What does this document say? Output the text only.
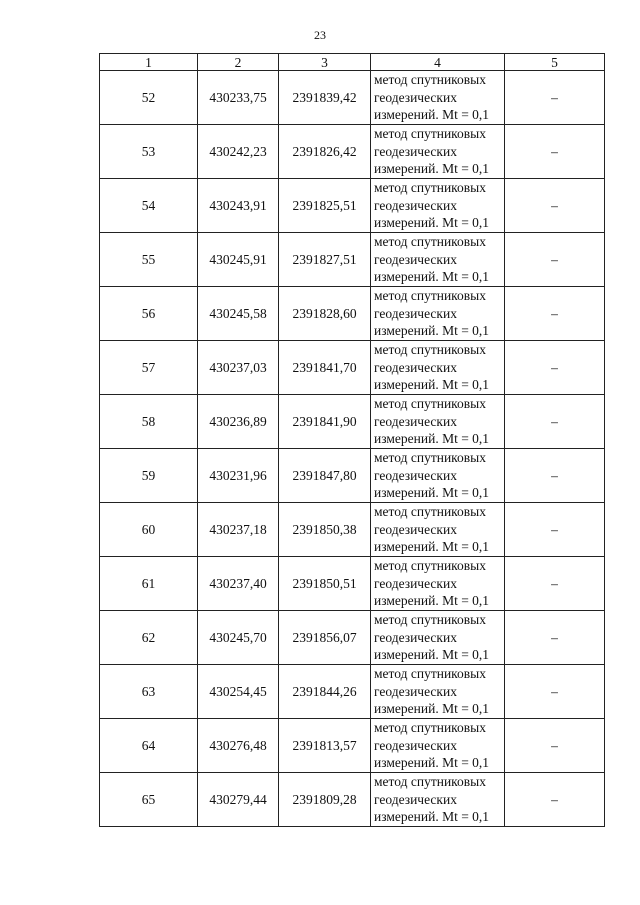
23
1	2	3	4	5
52	430233,75	2391839,42	метод спутниковых
геодезических
измерений. Mt = 0,1	–
53	430242,23	2391826,42	метод спутниковых
геодезических
измерений. Mt = 0,1	–
54	430243,91	2391825,51	метод спутниковых
геодезических
измерений. Mt = 0,1	–
55	430245,91	2391827,51	метод спутниковых
геодезических
измерений. Mt = 0,1	–
56	430245,58	2391828,60	метод спутниковых
геодезических
измерений. Mt = 0,1	–
57	430237,03	2391841,70	метод спутниковых
геодезических
измерений. Mt = 0,1	–
58	430236,89	2391841,90	метод спутниковых
геодезических
измерений. Mt = 0,1	–
59	430231,96	2391847,80	метод спутниковых
геодезических
измерений. Mt = 0,1	–
60	430237,18	2391850,38	метод спутниковых
геодезических
измерений. Mt = 0,1	–
61	430237,40	2391850,51	метод спутниковых
геодезических
измерений. Mt = 0,1	–
62	430245,70	2391856,07	метод спутниковых
геодезических
измерений. Mt = 0,1	–
63	430254,45	2391844,26	метод спутниковых
геодезических
измерений. Mt = 0,1	–
64	430276,48	2391813,57	метод спутниковых
геодезических
измерений. Mt = 0,1	–
65	430279,44	2391809,28	метод спутниковых
геодезических
измерений. Mt = 0,1	–
